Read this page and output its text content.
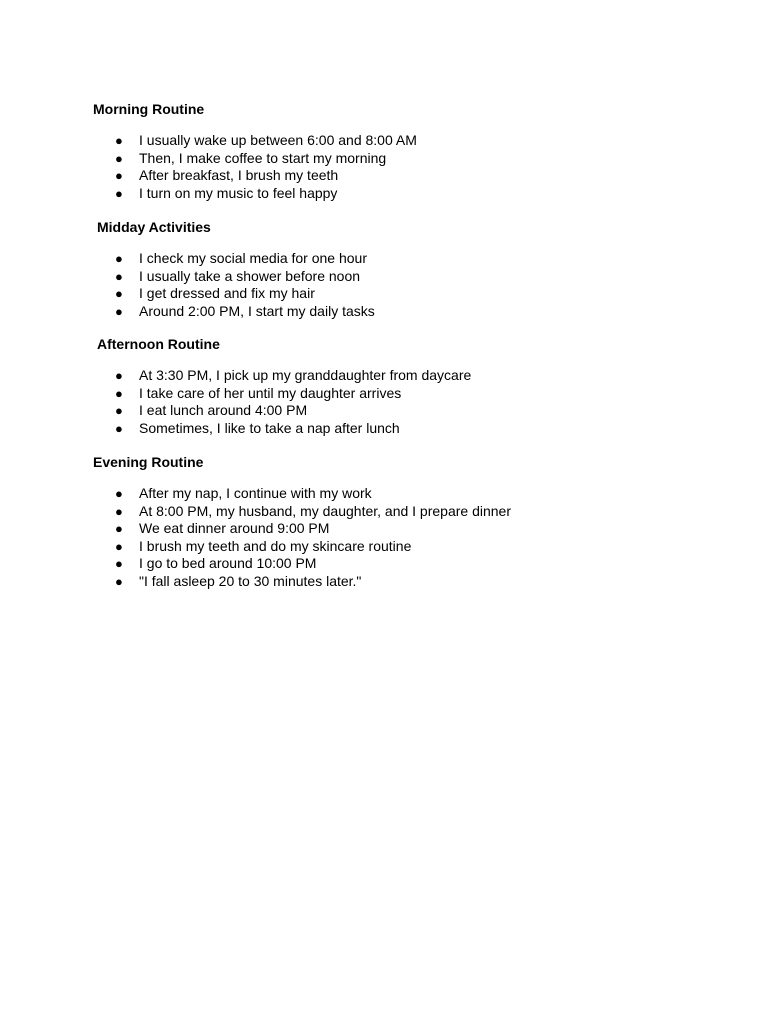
Morning Routine

● I usually wake up between 6:00 and 8:00 AM
● Then, I make coffee to start my morning
● After breakfast, I brush my teeth
● I turn on my music to feel happy

Midday Activities

● I check my social media for one hour
● I usually take a shower before noon
● I get dressed and fix my hair
● Around 2:00 PM, I start my daily tasks

Afternoon Routine

● At 3:30 PM, I pick up my granddaughter from daycare
● I take care of her until my daughter arrives
● I eat lunch around 4:00 PM
● Sometimes, I like to take a nap after lunch

Evening Routine

● After my nap, I continue with my work
● At 8:00 PM, my husband, my daughter, and I prepare dinner
● We eat dinner around 9:00 PM
● I brush my teeth and do my skincare routine
● I go to bed around 10:00 PM
● "I fall asleep 20 to 30 minutes later."
